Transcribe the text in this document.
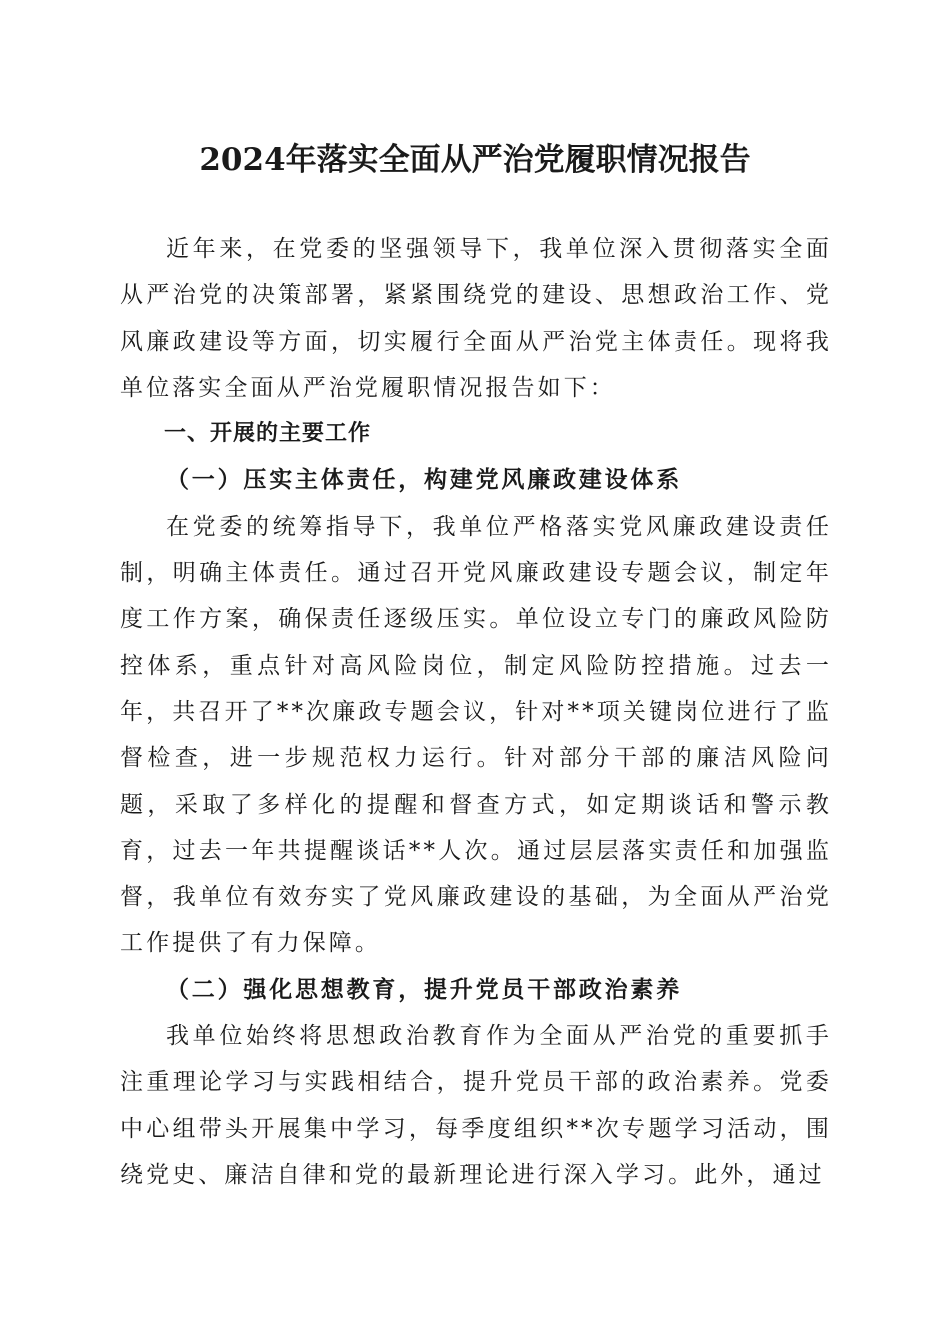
2024年落实全面从严治党履职情况报告

近年来，在党委的坚强领导下，我单位深入贯彻落实全面从严治党的决策部署，紧紧围绕党的建设、思想政治工作、党风廉政建设等方面，切实履行全面从严治党主体责任。现将我单位落实全面从严治党履职情况报告如下：

一、开展的主要工作
（一）压实主体责任，构建党风廉政建设体系

在党委的统筹指导下，我单位严格落实党风廉政建设责任制，明确主体责任。通过召开党风廉政建设专题会议，制定年度工作方案，确保责任逐级压实。单位设立专门的廉政风险防控体系，重点针对高风险岗位，制定风险防控措施。过去一年，共召开了**次廉政专题会议，针对**项关键岗位进行了监督检查，进一步规范权力运行。针对部分干部的廉洁风险问题，采取了多样化的提醒和督查方式，如定期谈话和警示教育，过去一年共提醒谈话**人次。通过层层落实责任和加强监督，我单位有效夯实了党风廉政建设的基础，为全面从严治党工作提供了有力保障。

（二）强化思想教育，提升党员干部政治素养

我单位始终将思想政治教育作为全面从严治党的重要抓手注重理论学习与实践相结合，提升党员干部的政治素养。党委中心组带头开展集中学习，每季度组织**次专题学习活动，围绕党史、廉洁自律和党的最新理论进行深入学习。此外，通过
